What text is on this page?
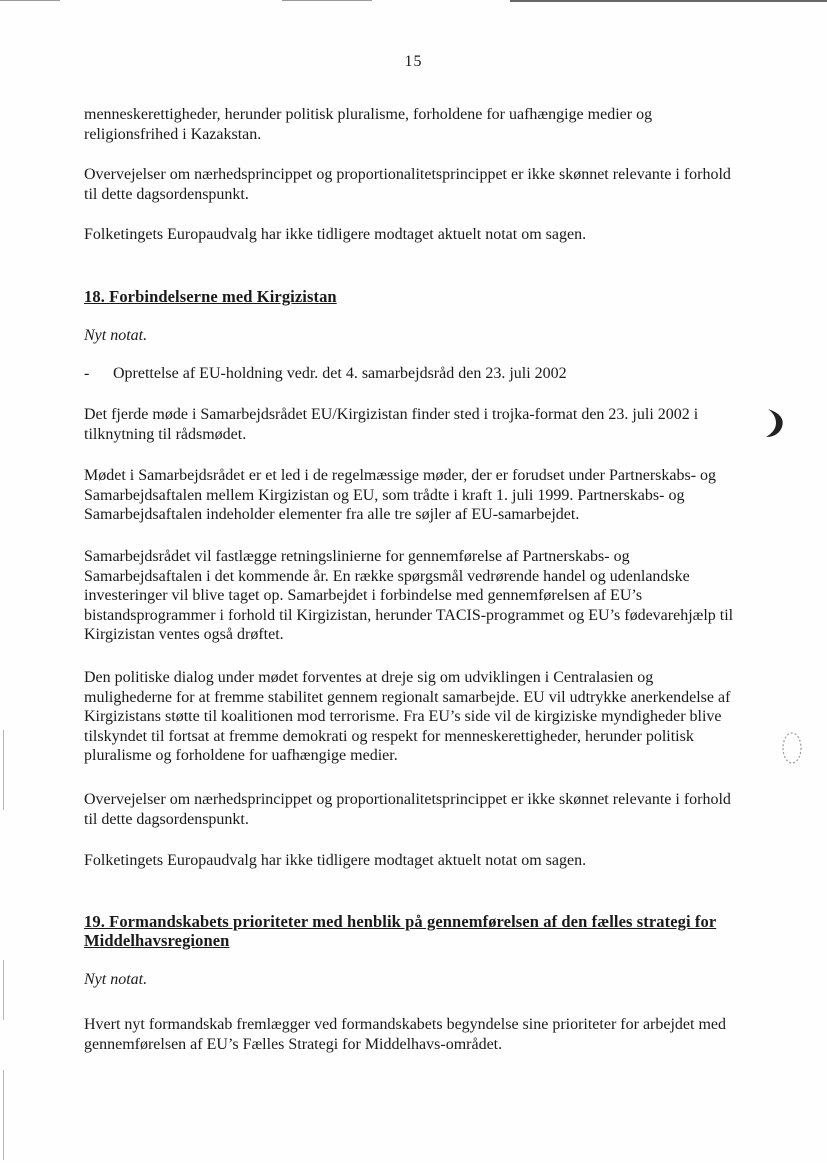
15

menneskerettigheder, herunder politisk pluralisme, forholdene for uafhængige medier og religionsfrihed i Kazakstan.

Overvejelser om nærhedsprincippet og proportionalitetsprincippet er ikke skønnet relevante i forhold til dette dagsordenspunkt.

Folketingets Europaudvalg har ikke tidligere modtaget aktuelt notat om sagen.

18. Forbindelserne med Kirgizistan

Nyt notat.

- Oprettelse af EU-holdning vedr. det 4. samarbejdsråd den 23. juli 2002

Det fjerde møde i Samarbejdsrådet EU/Kirgizistan finder sted i trojka-format den 23. juli 2002 i tilknytning til rådsmødet.

Mødet i Samarbejdsrådet er et led i de regelmæssige møder, der er forudset under Partnerskabs- og Samarbejdsaftalen mellem Kirgizistan og EU, som trådte i kraft 1. juli 1999. Partnerskabs- og Samarbejdsaftalen indeholder elementer fra alle tre søjler af EU-samarbejdet.

Samarbejdsrådet vil fastlægge retningslinierne for gennemførelse af Partnerskabs- og Samarbejdsaftalen i det kommende år. En række spørgsmål vedrørende handel og udenlandske investeringer vil blive taget op. Samarbejdet i forbindelse med gennemførelsen af EU’s bistandsprogrammer i forhold til Kirgizistan, herunder TACIS-programmet og EU’s fødevarehjælp til Kirgizistan ventes også drøftet.

Den politiske dialog under mødet forventes at dreje sig om udviklingen i Centralasien og mulighederne for at fremme stabilitet gennem regionalt samarbejde. EU vil udtrykke anerkendelse af Kirgizistans støtte til koalitionen mod terrorisme. Fra EU’s side vil de kirgiziske myndigheder blive tilskyndet til fortsat at fremme demokrati og respekt for menneskerettigheder, herunder politisk pluralisme og forholdene for uafhængige medier.

Overvejelser om nærhedsprincippet og proportionalitetsprincippet er ikke skønnet relevante i forhold til dette dagsordenspunkt.

Folketingets Europaudvalg har ikke tidligere modtaget aktuelt notat om sagen.

19. Formandskabets prioriteter med henblik på gennemførelsen af den fælles strategi for Middelhavsregionen

Nyt notat.

Hvert nyt formandskab fremlægger ved formandskabets begyndelse sine prioriteter for arbejdet med gennemførelsen af EU’s Fælles Strategi for Middelhavs-området.
